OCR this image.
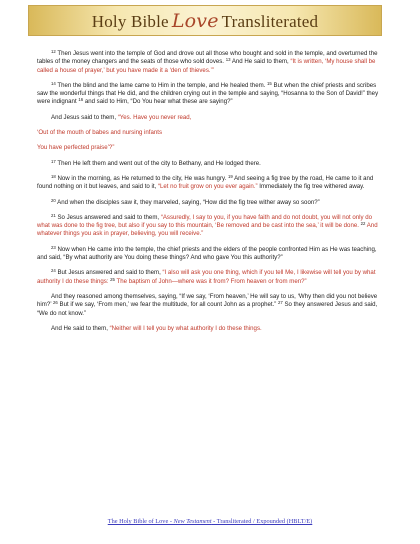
Holy Bible Love Transliterated

$^{12}$ Then Jesus went into the temple of God and drove out all those who bought and sold in the temple, and overturned the tables of the money changers and the seats of those who sold doves. $^{13}$ And He said to them, “It is written, ‘My house shall be called a house of prayer,’ but you have made it a ‘den of thieves.’”

$^{14}$ Then the blind and the lame came to Him in the temple, and He healed them. $^{15}$ But when the chief priests and scribes saw the wonderful things that He did, and the children crying out in the temple and saying, “Hosanna to the Son of David!” they were indignant $^{16}$ and said to Him, “Do You hear what these are saying?”

And Jesus said to them, “Yes. Have you never read,

‘Out of the mouth of babes and nursing infants

You have perfected praise’?”

$^{17}$ Then He left them and went out of the city to Bethany, and He lodged there.

$^{18}$ Now in the morning, as He returned to the city, He was hungry. $^{19}$ And seeing a fig tree by the road, He came to it and found nothing on it but leaves, and said to it, “Let no fruit grow on you ever again.” Immediately the fig tree withered away.

$^{20}$ And when the disciples saw it, they marveled, saying, “How did the fig tree wither away so soon?”

$^{21}$ So Jesus answered and said to them, “Assuredly, I say to you, if you have faith and do not doubt, you will not only do what was done to the fig tree, but also if you say to this mountain, ‘Be removed and be cast into the sea,’ it will be done. $^{22}$ And whatever things you ask in prayer, believing, you will receive.”

$^{23}$ Now when He came into the temple, the chief priests and the elders of the people confronted Him as He was teaching, and said, “By what authority are You doing these things? And who gave You this authority?”

$^{24}$ But Jesus answered and said to them, “I also will ask you one thing, which if you tell Me, I likewise will tell you by what authority I do these things: $^{25}$ The baptism of John—where was it from? From heaven or from men?”

And they reasoned among themselves, saying, “If we say, ‘From heaven,’ He will say to us, ‘Why then did you not believe him?’ $^{26}$ But if we say, ‘From men,’ we fear the multitude, for all count John as a prophet.” $^{27}$ So they answered Jesus and said, “We do not know.”

And He said to them, “Neither will I tell you by what authority I do these things.

The Holy Bible of Love - New Testament - Transliterated / Expounded (HBLT/E)
